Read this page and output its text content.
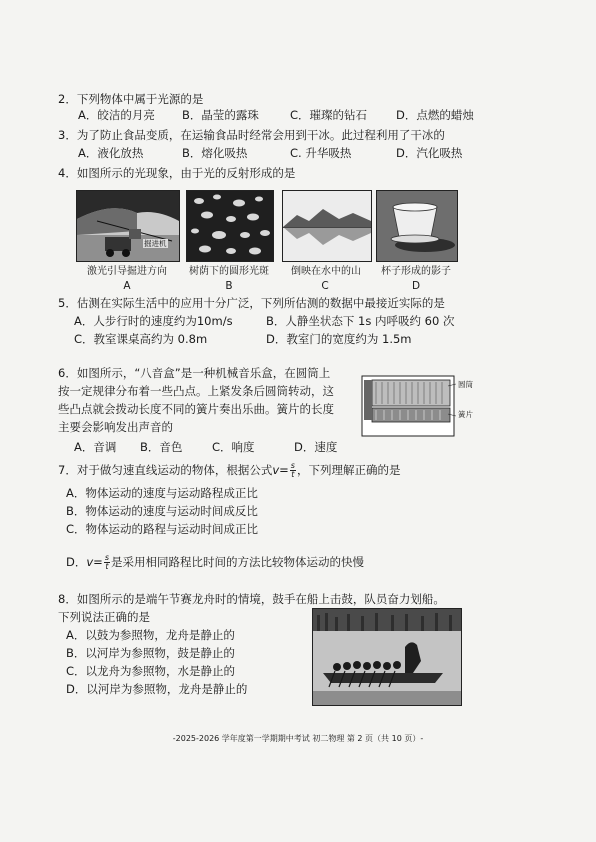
2．下列物体中属于光源的是
A．皎洁的月亮 B．晶莹的露珠	C．璀璨的钻石	D．点燃的蜡烛
3．为了防止食品变质，在运输食品时经常会用到干冰。此过程利用了干冰的
A．液化放热	B．熔化吸热	C. 升华吸热	D．汽化吸热
4．如图所示的光现象，由于光的反射形成的是
掘进机
激光引导掘进方向
A
树荫下的圆形光斑
B
倒映在水中的山
C
杯子形成的影子
D
5．估测在实际生活中的应用十分广泛，下列所估测的数据中最接近实际的是
A．人步行时的速度约为10m/s	B．人静坐状态下 1s 内呼吸约 60 次
C．教室课桌高约为 0.8m	D．教室门的宽度约为 1.5m
6．如图所示，“八音盒”是一种机械音乐盒，在圆筒上
按一定规律分布着一些凸点。上紧发条后圆筒转动，这
些凸点就会拨动长度不同的簧片奏出乐曲。簧片的长度
主要会影响发出声音的
A．音调 B．音色	C．响度	D．速度
圆筒
簧片
7．对于做匀速直线运动的物体，根据公式$v= \frac{s}{t}$ ，下列理解正确的是
A．物体运动的速度与运动路程成正比
B．物体运动的速度与运动时间成反比
C．物体运动的路程与运动时间成正比
D．$v= \frac{s}{t}$ 是采用相同路程比时间的方法比较物体运动的快慢
8．如图所示的是端午节赛龙舟时的情境，鼓手在船上击鼓，队员奋力划船。
下列说法正确的是
A．以鼓为参照物，龙舟是静止的
B．以河岸为参照物，鼓是静止的
C．以龙舟为参照物，水是静止的
D．以河岸为参照物，龙舟是静止的
-2025-2026 学年度第一学期期中考试 初二物理 第 2 页（共 10 页）-
